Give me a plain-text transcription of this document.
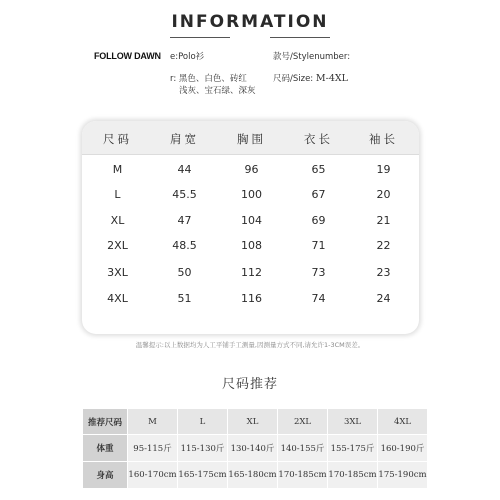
INFORMATION
FOLLOW DAWN e:Polo衫	款号/Stylenumber:
r: 黑色、白色、砖红
浅灰、宝石绿、深灰
尺码/Size: M-4XL
尺码	肩宽	胸围	衣长	袖长
M	44	96	65	19
L	45.5	100	67	20
XL	47	104	69	21
2XL	48.5	108	71	22
3XL	50	112	73	23
4XL	51	116	74	24
温馨提示:以上数据均为人工平铺手工测量,因测量方式不同,请允许1-3CM误差。
尺码推荐
推荐尺码	M	L	XL	2XL	3XL	4XL
体重	95-115斤	115-130斤	130-140斤	140-155斤	155-175斤	160-190斤
身高	160-170cm	165-175cm	165-180cm	170-185cm	170-185cm	175-190cm
